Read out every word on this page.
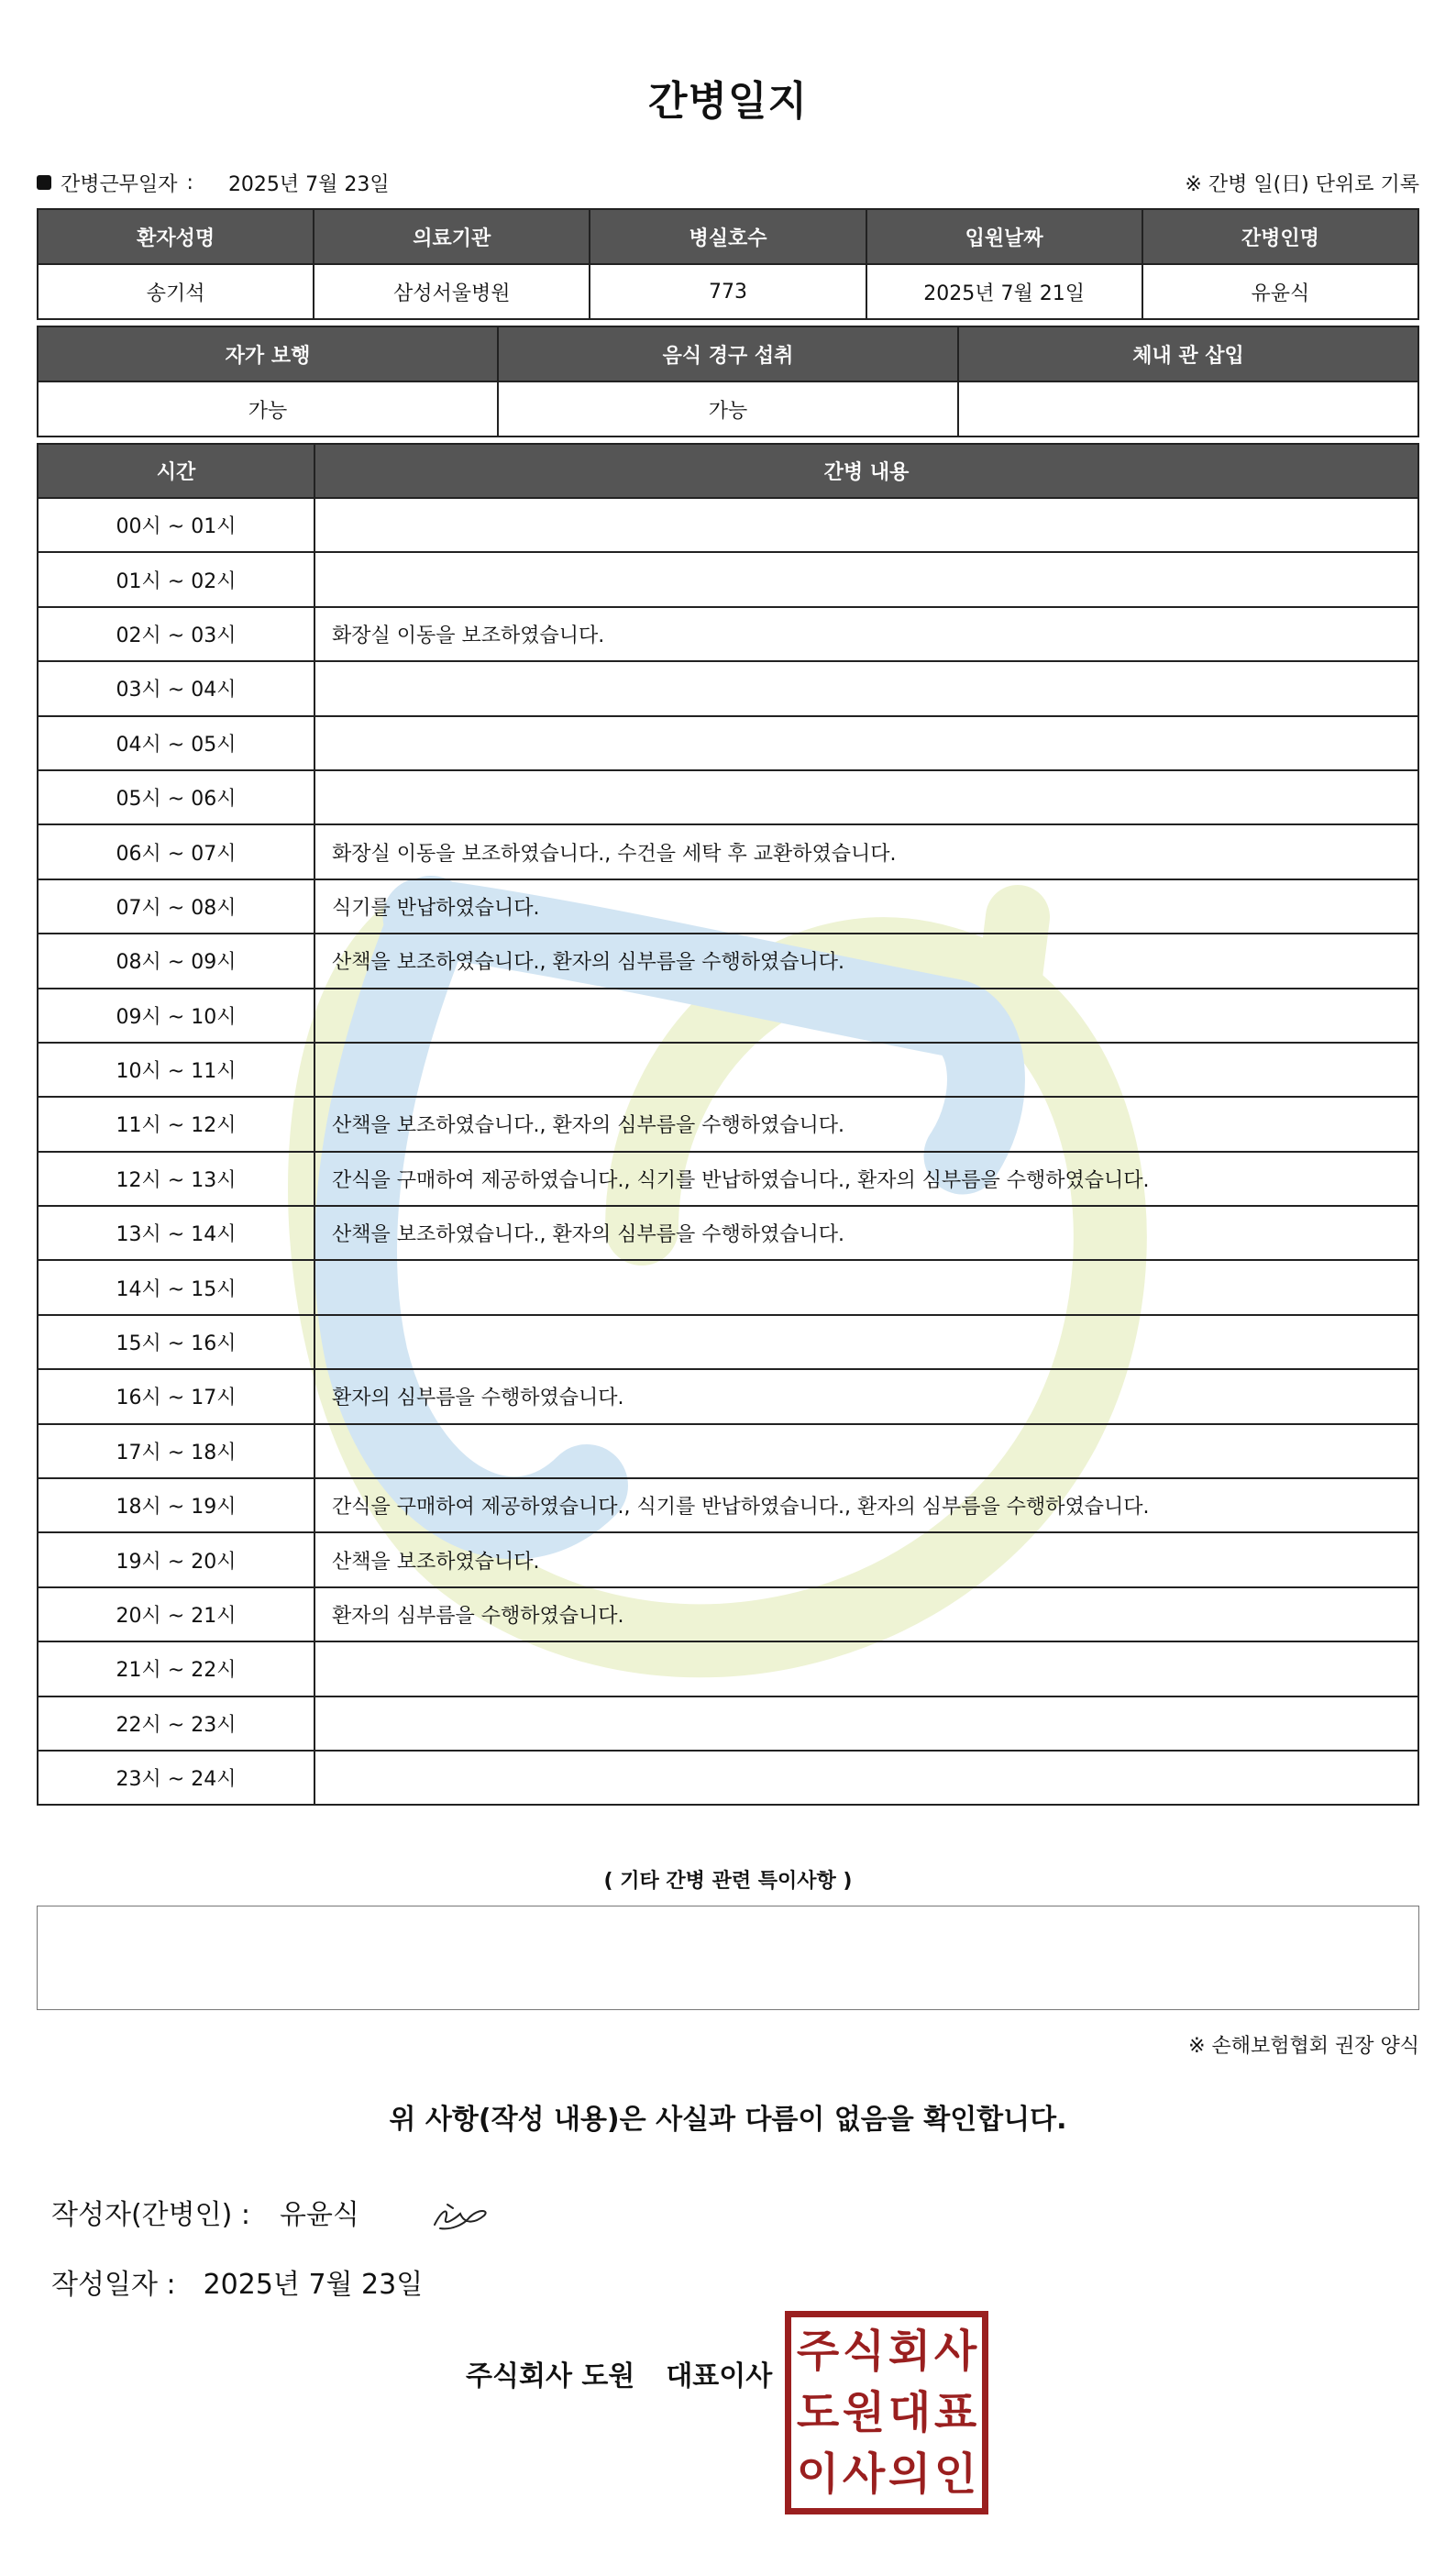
간병일지
간병근무일자 : 2025년 7월 23일	※ 간병 일(日) 단위로 기록
환자성명	의료기관	병실호수	입원날짜	간병인명
송기석	삼성서울병원	773	2025년 7월 21일	유윤식
자가 보행	음식 경구 섭취	체내 관 삽입
가능	가능	
시간	간병 내용
00시 ~ 01시	
01시 ~ 02시	
02시 ~ 03시	화장실 이동을 보조하였습니다.
03시 ~ 04시	
04시 ~ 05시	
05시 ~ 06시	
06시 ~ 07시	화장실 이동을 보조하였습니다., 수건을 세탁 후 교환하였습니다.
07시 ~ 08시	식기를 반납하였습니다.
08시 ~ 09시	산책을 보조하였습니다., 환자의 심부름을 수행하였습니다.
09시 ~ 10시	
10시 ~ 11시	
11시 ~ 12시	산책을 보조하였습니다., 환자의 심부름을 수행하였습니다.
12시 ~ 13시	간식을 구매하여 제공하였습니다., 식기를 반납하였습니다., 환자의 심부름을 수행하였습니다.
13시 ~ 14시	산책을 보조하였습니다., 환자의 심부름을 수행하였습니다.
14시 ~ 15시	
15시 ~ 16시	
16시 ~ 17시	환자의 심부름을 수행하였습니다.
17시 ~ 18시	
18시 ~ 19시	간식을 구매하여 제공하였습니다., 식기를 반납하였습니다., 환자의 심부름을 수행하였습니다.
19시 ~ 20시	산책을 보조하였습니다.
20시 ~ 21시	환자의 심부름을 수행하였습니다.
21시 ~ 22시	
22시 ~ 23시	
23시 ~ 24시	
( 기타 간병 관련 특이사항 )
※ 손해보험협회 권장 양식
위 사항(작성 내용)은 사실과 다름이 없음을 확인합니다.
작성자(간병인) : 유윤식
작성일자 : 2025년 7월 23일
주식회사 도원 대표이사 주 식 회 사
도 원 대 표
이 사 의 인
